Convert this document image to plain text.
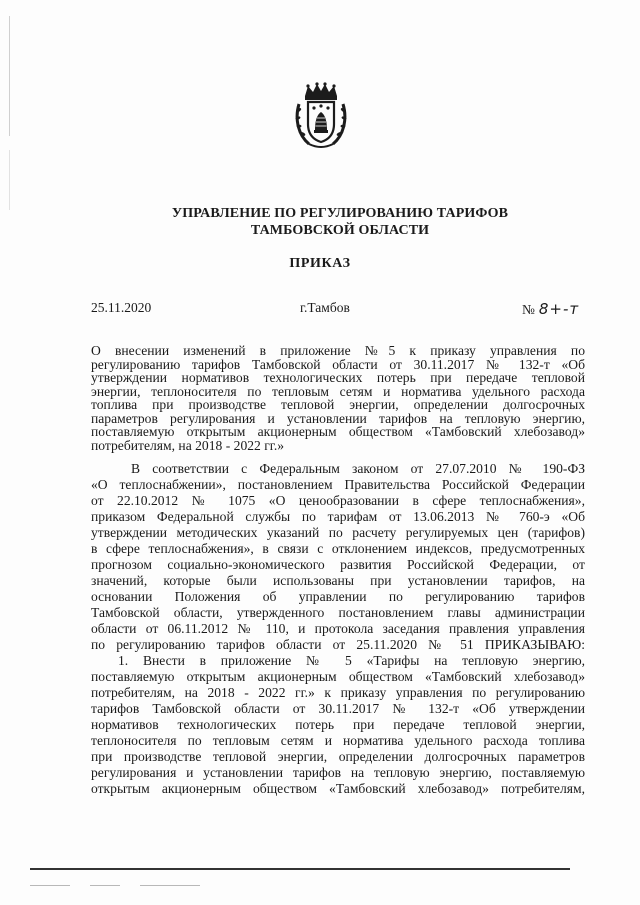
УПРАВЛЕНИЕ ПО РЕГУЛИРОВАНИЮ ТАРИФОВ
ТАМБОВСКОЙ ОБЛАСТИ
ПРИКАЗ
25.11.2020	г.Тамбов	№ 8+-т
О внесении изменений в приложение №5 к приказу управления по
регулированию тарифов Тамбовской области от 30.11.2017 № 132-т «Об
утверждении нормативов технологических потерь при передаче тепловой
энергии, теплоносителя по тепловым сетям и норматива удельного расхода
топлива при производстве тепловой энергии, определении долгосрочных
параметров регулирования и установлении тарифов на тепловую энергию,
поставляемую открытым акционерным обществом «Тамбовский хлебозавод»
потребителям, на 2018 - 2022 гг.»
В соответствии с Федеральным законом от 27.07.2010 № 190-ФЗ
«О теплоснабжении», постановлением Правительства Российской Федерации
от 22.10.2012 № 1075 «О ценообразовании в сфере теплоснабжения»,
приказом Федеральной службы по тарифам от 13.06.2013 № 760-э «Об
утверждении методических указаний по расчету регулируемых цен (тарифов)
в сфере теплоснабжения», в связи с отклонением индексов, предусмотренных
прогнозом социально-экономического развития Российской Федерации, от
значений, которые были использованы при установлении тарифов, на
основании Положения об управлении по регулированию тарифов
Тамбовской области, утвержденного постановлением главы администрации
области от 06.11.2012 № 110, и протокола заседания правления управления
по регулированию тарифов области от 25.11.2020 № 51 ПРИКАЗЫВАЮ:
1. Внести в приложение № 5 «Тарифы на тепловую энергию,
поставляемую открытым акционерным обществом «Тамбовский хлебозавод»
потребителям, на 2018 - 2022 гг.» к приказу управления по регулированию
тарифов Тамбовской области от 30.11.2017 № 132-т «Об утверждении
нормативов технологических потерь при передаче тепловой энергии,
теплоносителя по тепловым сетям и норматива удельного расхода топлива
при производстве тепловой энергии, определении долгосрочных параметров
регулирования и установлении тарифов на тепловую энергию, поставляемую
открытым акционерным обществом «Тамбовский хлебозавод» потребителям,
